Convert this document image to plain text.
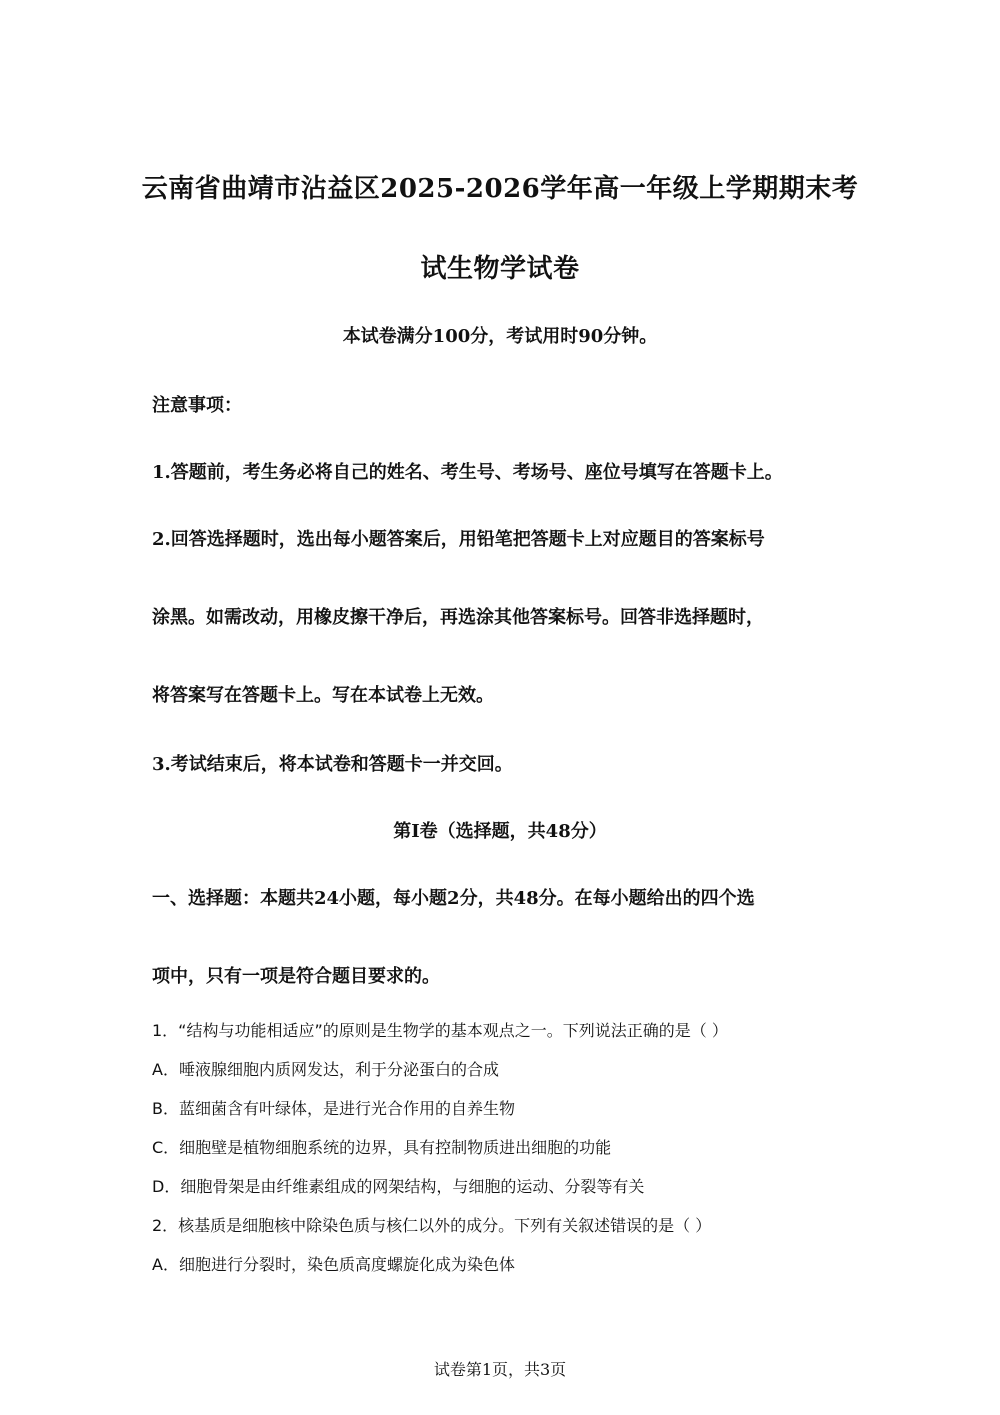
云南省曲靖市沾益区2025-2026学年高一年级上学期期末考
试生物学试卷
本试卷满分100分，考试用时90分钟。
注意事项：
1.答题前，考生务必将自己的姓名、考生号、考场号、座位号填写在答题卡上。
2.回答选择题时，选出每小题答案后，用铅笔把答题卡上对应题目的答案标号
涂黑。如需改动，用橡皮擦干净后，再选涂其他答案标号。回答非选择题时，
将答案写在答题卡上。写在本试卷上无效。
3.考试结束后，将本试卷和答题卡一并交回。
第Ⅰ卷（选择题，共48分）
一、选择题：本题共24小题，每小题2分，共48分。在每小题给出的四个选
项中，只有一项是符合题目要求的。
1．“结构与功能相适应”的原则是生物学的基本观点之一。下列说法正确的是（ ）
A．唾液腺细胞内质网发达，利于分泌蛋白的合成
B．蓝细菌含有叶绿体，是进行光合作用的自养生物
C．细胞壁是植物细胞系统的边界，具有控制物质进出细胞的功能
D．细胞骨架是由纤维素组成的网架结构，与细胞的运动、分裂等有关
2．核基质是细胞核中除染色质与核仁以外的成分。下列有关叙述错误的是（ ）
A．细胞进行分裂时，染色质高度螺旋化成为染色体
试卷第1页，共3页
